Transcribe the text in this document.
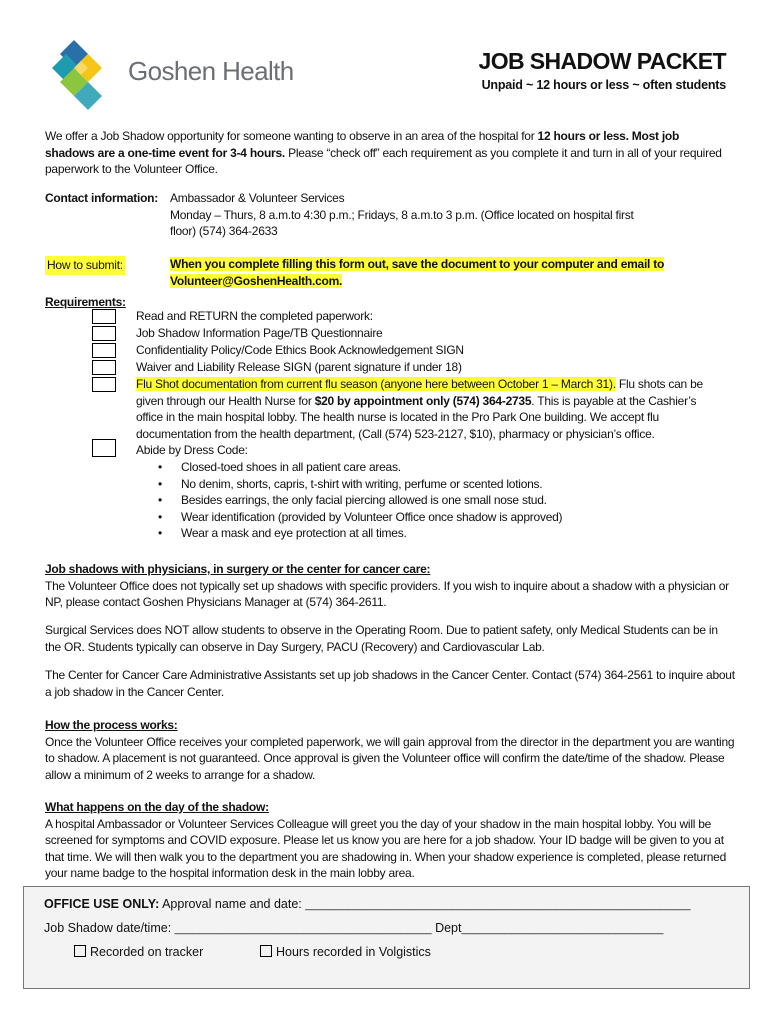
Goshen Health	JOB SHADOW PACKET
Unpaid ~ 12 hours or less ~ often students
We offer a Job Shadow opportunity for someone wanting to observe in an area of the hospital for 12 hours or less. Most job shadows are a one-time event for 3-4 hours. Please “check off” each requirement as you complete it and turn in all of your required paperwork to the Volunteer Office.
Contact information: Ambassador & Volunteer Services
Monday – Thurs, 8 a.m.to 4:30 p.m.; Fridays, 8 a.m.to 3 p.m. (Office located on hospital first
floor) (574) 364-2633
How to submit:	When you complete filling this form out, save the document to your computer and email to
Volunteer@GoshenHealth.com.
Requirements:
Read and RETURN the completed paperwork:
Job Shadow Information Page/TB Questionnaire
Confidentiality Policy/Code Ethics Book Acknowledgement SIGN
Waiver and Liability Release SIGN (parent signature if under 18)
Flu Shot documentation from current flu season (anyone here between October 1 – March 31). Flu shots can be given through our Health Nurse for $20 by appointment only (574) 364-2735. This is payable at the Cashier’s office in the main hospital lobby. The health nurse is located in the Pro Park One building. We accept flu documentation from the health department, (Call (574) 523-2127, $10), pharmacy or physician’s office.
Abide by Dress Code:
• Closed-toed shoes in all patient care areas.
• No denim, shorts, capris, t-shirt with writing, perfume or scented lotions.
• Besides earrings, the only facial piercing allowed is one small nose stud.
• Wear identification (provided by Volunteer Office once shadow is approved)
• Wear a mask and eye protection at all times.
Job shadows with physicians, in surgery or the center for cancer care:
The Volunteer Office does not typically set up shadows with specific providers. If you wish to inquire about a shadow with a physician or NP, please contact Goshen Physicians Manager at (574) 364-2611.
Surgical Services does NOT allow students to observe in the Operating Room. Due to patient safety, only Medical Students can be in the OR. Students typically can observe in Day Surgery, PACU (Recovery) and Cardiovascular Lab.
The Center for Cancer Care Administrative Assistants set up job shadows in the Cancer Center. Contact (574) 364-2561 to inquire about a job shadow in the Cancer Center.
How the process works:
Once the Volunteer Office receives your completed paperwork, we will gain approval from the director in the department you are wanting to shadow. A placement is not guaranteed. Once approval is given the Volunteer office will confirm the date/time of the shadow. Please allow a minimum of 2 weeks to arrange for a shadow.
What happens on the day of the shadow:
A hospital Ambassador or Volunteer Services Colleague will greet you the day of your shadow in the main hospital lobby. You will be screened for symptoms and COVID exposure. Please let us know you are here for a job shadow. Your ID badge will be given to you at that time. We will then walk you to the department you are shadowing in. When your shadow experience is completed, please returned your name badge to the hospital information desk in the main lobby area.
OFFICE USE ONLY: Approval name and date: _______________________________________________________________
Job Shadow date/time: __________________________________________ Dept_________________________________
Recorded on tracker	Hours recorded in Volgistics
